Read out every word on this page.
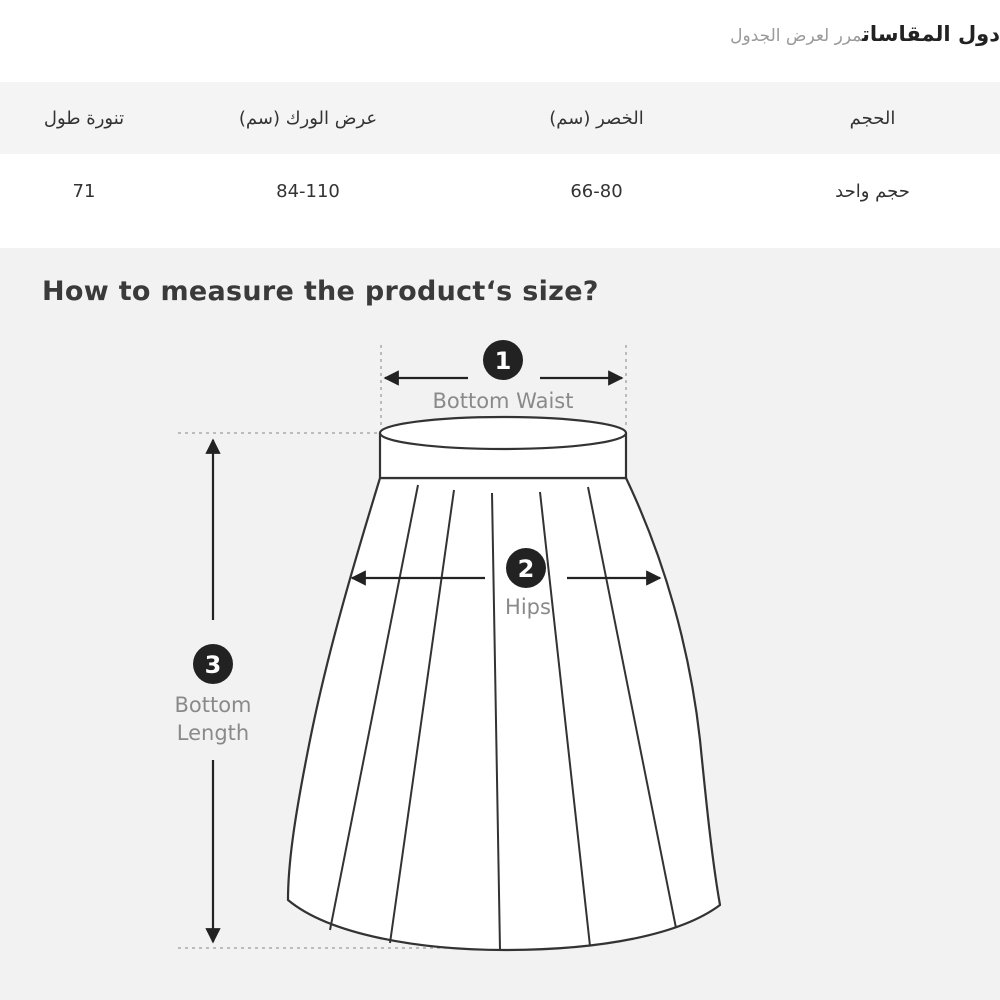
دول المقاساتمرر لعرض الجدول
الحجم
الخصر (سم)
عرض الورك (سم)
تنورة طول
حجم واحد
66-80
84-110
71
How to measure the product‘s size?
1
Bottom Waist
2
Hips
3
Bottom
Length
